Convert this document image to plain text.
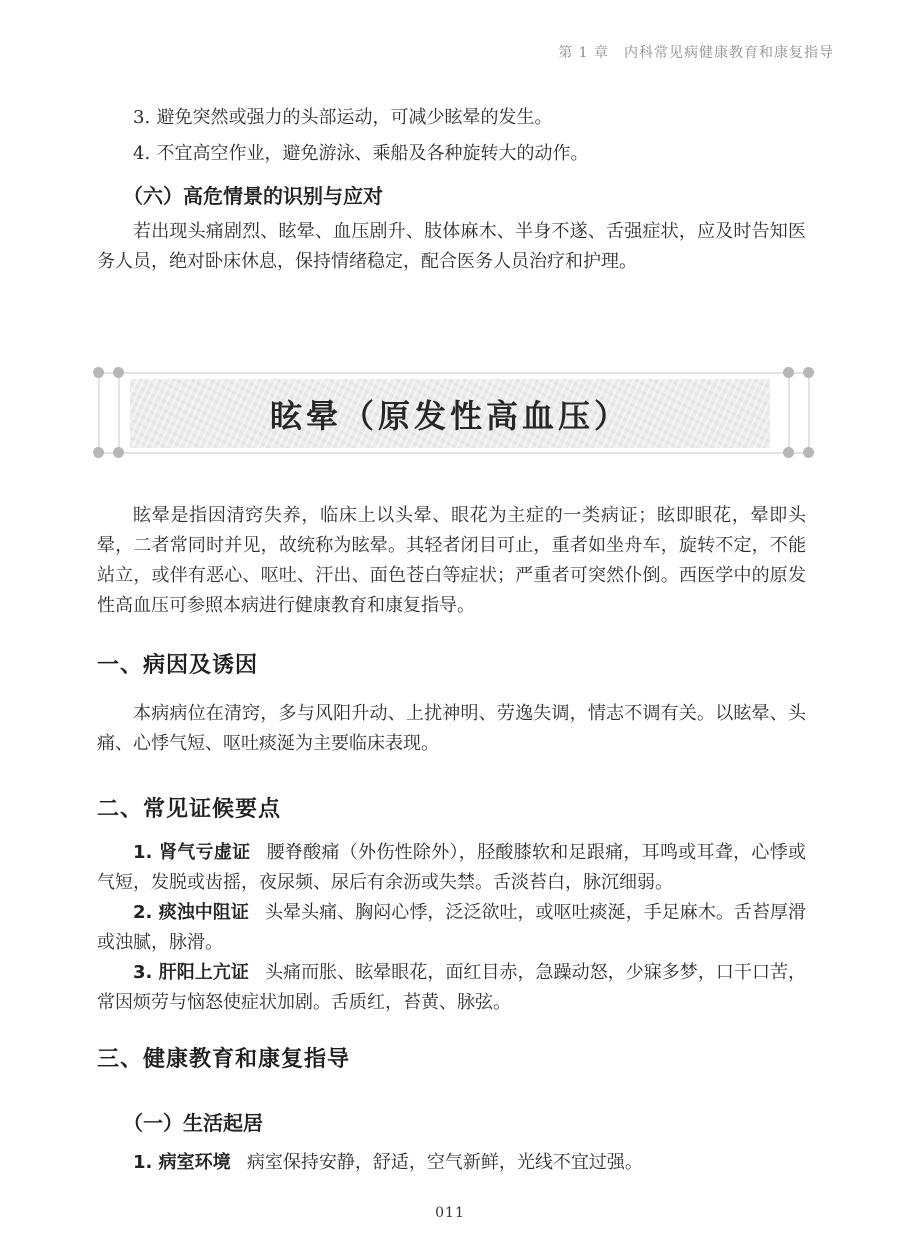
第 1 章　内科常见病健康教育和康复指导

3. 避免突然或强力的头部运动，可减少眩晕的发生。

4. 不宜高空作业，避免游泳、乘船及各种旋转大的动作。

（六）高危情景的识别与应对

若出现头痛剧烈、眩晕、血压剧升、肢体麻木、半身不遂、舌强症状，应及时告知医务人员，绝对卧床休息，保持情绪稳定，配合医务人员治疗和护理。

眩晕（原发性高血压）

眩晕是指因清窍失养，临床上以头晕、眼花为主症的一类病证；眩即眼花，晕即头晕，二者常同时并见，故统称为眩晕。其轻者闭目可止，重者如坐舟车，旋转不定，不能站立，或伴有恶心、呕吐、汗出、面色苍白等症状；严重者可突然仆倒。西医学中的原发性高血压可参照本病进行健康教育和康复指导。

一、病因及诱因

本病病位在清窍，多与风阳升动、上扰神明、劳逸失调，情志不调有关。以眩晕、头痛、心悸气短、呕吐痰涎为主要临床表现。

二、常见证候要点

1. 肾气亏虚证 腰脊酸痛（外伤性除外），胫酸膝软和足跟痛，耳鸣或耳聋，心悸或气短，发脱或齿摇，夜尿频、尿后有余沥或失禁。舌淡苔白，脉沉细弱。

2. 痰浊中阻证 头晕头痛、胸闷心悸，泛泛欲吐，或呕吐痰涎，手足麻木。舌苔厚滑或浊腻，脉滑。

3. 肝阳上亢证 头痛而胀、眩晕眼花，面红目赤，急躁动怒，少寐多梦，口干口苦，常因烦劳与恼怒使症状加剧。舌质红，苔黄、脉弦。

三、健康教育和康复指导
（一）生活起居

1. 病室环境 病室保持安静，舒适，空气新鲜，光线不宜过强。

011
